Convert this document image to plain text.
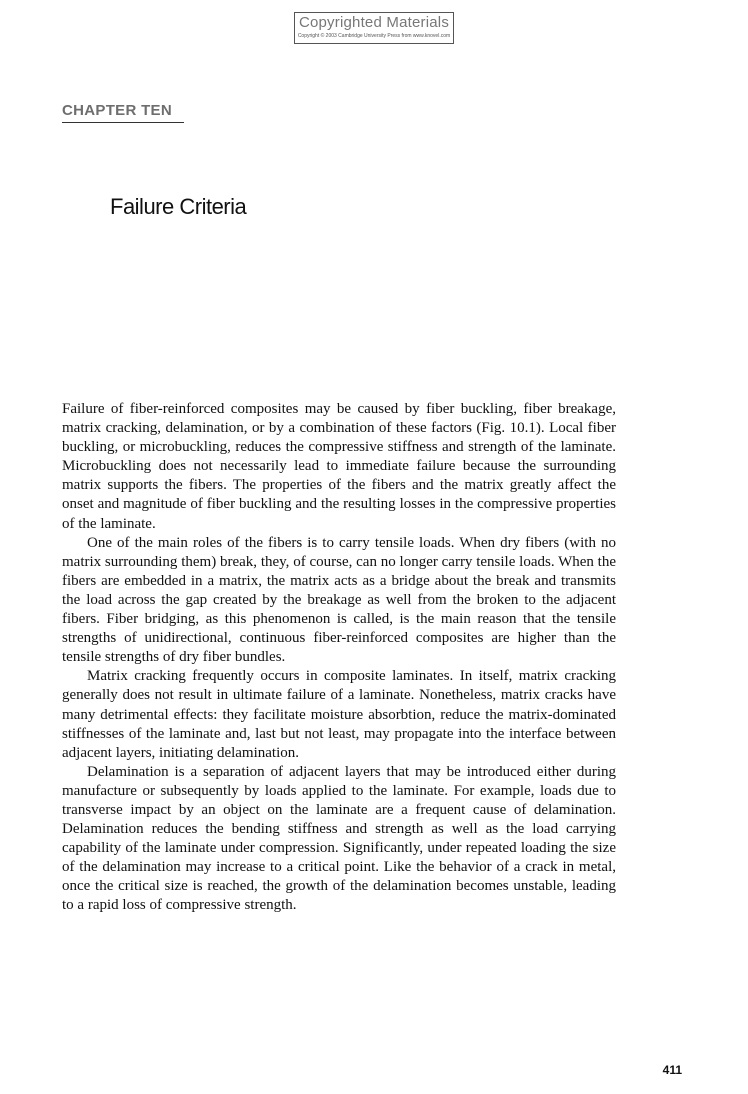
Copyrighted Materials
Copyright © 2003 Cambridge University Press from www.knovel.com
CHAPTER TEN
Failure Criteria

Failure of fiber-reinforced composites may be caused by fiber buckling, fiber breakage, matrix cracking, delamination, or by a combination of these factors (Fig. 10.1). Local fiber buckling, or microbuckling, reduces the compressive stiffness and strength of the laminate. Microbuckling does not necessarily lead to immediate failure because the surrounding matrix supports the fibers. The properties of the fibers and the matrix greatly affect the onset and magnitude of fiber buckling and the resulting losses in the compressive properties of the laminate.

One of the main roles of the fibers is to carry tensile loads. When dry fibers (with no matrix surrounding them) break, they, of course, can no longer carry tensile loads. When the fibers are embedded in a matrix, the matrix acts as a bridge about the break and transmits the load across the gap created by the breakage as well from the broken to the adjacent fibers. Fiber bridging, as this phenomenon is called, is the main reason that the tensile strengths of unidirectional, continuous fiber-reinforced composites are higher than the tensile strengths of dry fiber bundles.

Matrix cracking frequently occurs in composite laminates. In itself, matrix cracking generally does not result in ultimate failure of a laminate. Nonetheless, matrix cracks have many detrimental effects: they facilitate moisture absorbtion, reduce the matrix-dominated stiffnesses of the laminate and, last but not least, may propagate into the interface between adjacent layers, initiating delamination.

Delamination is a separation of adjacent layers that may be introduced either during manufacture or subsequently by loads applied to the laminate. For example, loads due to transverse impact by an object on the laminate are a frequent cause of delamination. Delamination reduces the bending stiffness and strength as well as the load carrying capability of the laminate under compression. Significantly, under repeated loading the size of the delamination may increase to a critical point. Like the behavior of a crack in metal, once the critical size is reached, the growth of the delamination becomes unstable, leading to a rapid loss of compressive strength.

411
